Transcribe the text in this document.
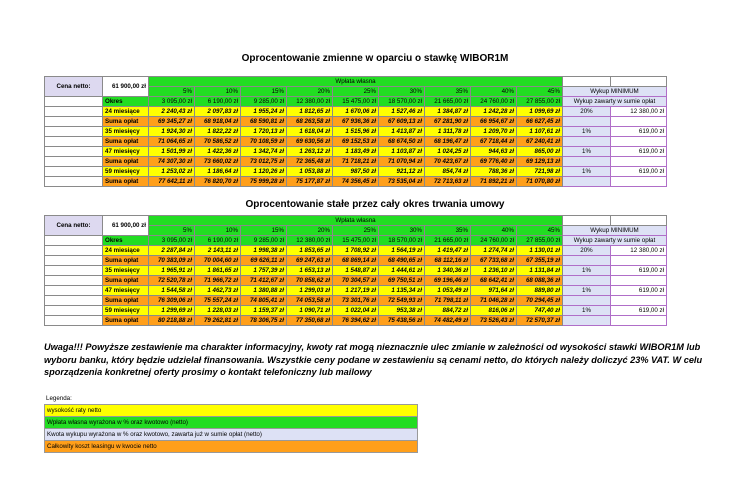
Oprocentowanie zmienne w oparciu o stawkę WIBOR1M
Cena netto:	61 900,00 zł	Wpłata własna										
		5%	10%	15%	20%	25%	30%	35%	40%	45%	Wykup MINIMUM	
	Okres	3 095,00 zł	6 190,00 zł	9 285,00 zł	12 380,00 zł	15 475,00 zł	18 570,00 zł	21 665,00 zł	24 760,00 zł	27 855,00 zł	Wykup zawarty w sumie opłat	
	24 miesiące	2 240,43 zł	2 097,83 zł	1 955,24 zł	1 812,65 zł	1 670,06 zł	1 527,46 zł	1 384,87 zł	1 242,28 zł	1 099,69 zł	20%	12 380,00 zł
	Suma opłat	69 345,27 zł	68 918,04 zł	68 590,81 zł	68 263,58 zł	67 936,36 zł	67 609,13 zł	67 281,90 zł	66 954,67 zł	66 627,45 zł		
	35 miesięcy	1 924,30 zł	1 822,22 zł	1 720,13 zł	1 618,04 zł	1 515,96 zł	1 413,87 zł	1 311,78 zł	1 209,70 zł	1 107,61 zł	1%	619,00 zł
	Suma opłat	71 064,65 zł	70 586,52 zł	70 108,59 zł	69 630,56 zł	69 152,53 zł	68 674,50 zł	68 196,47 zł	67 718,44 zł	67 240,41 zł		
	47 miesięcy	1 501,99 zł	1 422,36 zł	1 342,74 zł	1 263,12 zł	1 183,49 zł	1 103,87 zł	1 024,25 zł	944,63 zł	865,00 zł	1%	619,00 zł
	Suma opłat	74 307,30 zł	73 660,02 zł	73 012,75 zł	72 365,48 zł	71 718,21 zł	71 070,94 zł	70 423,67 zł	69 776,40 zł	69 129,13 zł		
	59 miesięcy	1 253,02 zł	1 186,64 zł	1 120,26 zł	1 053,88 zł	987,50 zł	921,12 zł	854,74 zł	788,36 zł	721,98 zł	1%	619,00 zł
	Suma opłat	77 642,11 zł	76 820,70 zł	75 999,28 zł	75 177,87 zł	74 356,45 zł	73 535,04 zł	72 713,63 zł	71 892,21 zł	71 070,80 zł		
Oprocentowanie stałe przez cały okres trwania umowy
Cena netto:	61 900,00 zł	Wpłata własna										
		5%	10%	15%	20%	25%	30%	35%	40%	45%	Wykup MINIMUM	
	Okres	3 095,00 zł	6 190,00 zł	9 285,00 zł	12 380,00 zł	15 475,00 zł	18 570,00 zł	21 665,00 zł	24 760,00 zł	27 855,00 zł	Wykup zawarty w sumie opłat	
	24 miesiące	2 287,84 zł	2 143,11 zł	1 998,38 zł	1 853,65 zł	1 708,92 zł	1 564,19 zł	1 419,47 zł	1 274,74 zł	1 130,01 zł	20%	12 380,00 zł
	Suma opłat	70 383,09 zł	70 004,60 zł	69 626,11 zł	69 247,63 zł	68 869,14 zł	68 490,65 zł	68 112,16 zł	67 733,68 zł	67 355,19 zł		
	35 miesięcy	1 965,91 zł	1 861,65 zł	1 757,39 zł	1 653,13 zł	1 548,87 zł	1 444,61 zł	1 340,36 zł	1 236,10 zł	1 131,84 zł	1%	619,00 zł
	Suma opłat	72 520,78 zł	71 966,72 zł	71 412,67 zł	70 858,62 zł	70 304,57 zł	69 750,51 zł	69 196,46 zł	68 642,41 zł	68 088,36 zł		
	47 miesięcy	1 544,58 zł	1 462,73 zł	1 380,88 zł	1 299,03 zł	1 217,19 zł	1 135,34 zł	1 053,49 zł	971,64 zł	889,80 zł	1%	619,00 zł
	Suma opłat	76 309,06 zł	75 557,24 zł	74 805,41 zł	74 053,58 zł	73 301,76 zł	72 549,93 zł	71 798,11 zł	71 046,28 zł	70 294,45 zł		
	59 miesięcy	1 299,69 zł	1 228,03 zł	1 159,37 zł	1 090,71 zł	1 022,04 zł	953,38 zł	884,72 zł	816,06 zł	747,40 zł	1%	619,00 zł
	Suma opłat	80 218,88 zł	79 262,81 zł	78 306,75 zł	77 350,68 zł	76 394,62 zł	75 438,56 zł	74 482,49 zł	73 526,43 zł	72 570,37 zł		
Uwaga!!! Powyższe zestawienie ma charakter informacyjny, kwoty rat mogą nieznacznie ulec zmianie w zależności od wysokości stawki WIBOR1M lub wyboru banku, który będzie udzielał finansowania. Wszystkie ceny podane w zestawieniu są cenami netto, do których należy doliczyć 23% VAT. W celu sporządzenia konkretnej oferty prosimy o kontakt telefoniczny lub mailowy
Legenda:
wysokość raty netto
Wpłata własna wyrażona w % oraz kwotowo (netto)
Kwota wykupu wyrażona w % oraz kwotowo, zawarta już w sumie opłat (netto)
Całkowity koszt leasingu w kwocie netto
